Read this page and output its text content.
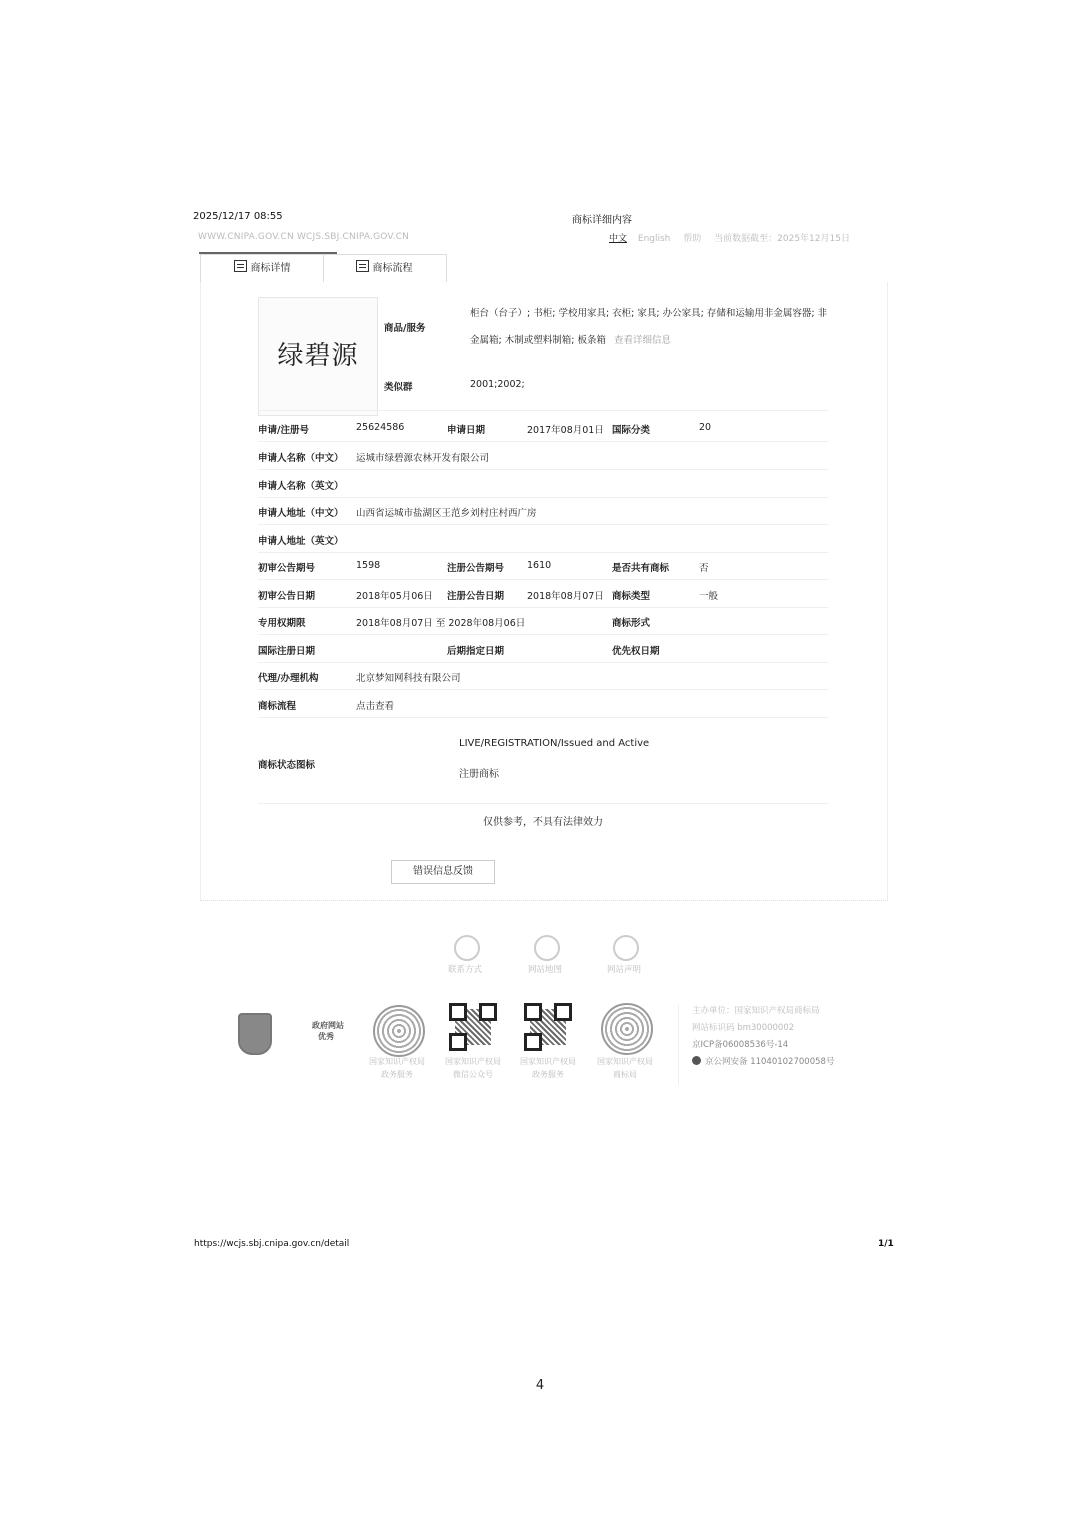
2025/12/17 08:55	商标详细内容
WWW.CNIPA.GOV.CN WCJS.SBJ.CNIPA.GOV.CN	中文 English 帮助 当前数据截至：2025年12月15日
商标详情	商标流程
绿碧源
商品/服务
柜台（台子）; 书柜; 学校用家具; 衣柜; 家具; 办公家具; 存储和运输用非金属容器; 非
金属箱; 木制或塑料制箱; 板条箱 查看详细信息
类似群	2001;2002;
申请/注册号	25624586	申请日期	2017年08月01日 国际分类	20
申请人名称（中文） 运城市绿碧源农林开发有限公司
申请人名称（英文）
申请人地址（中文） 山西省运城市盐湖区王范乡刘村庄村西广房
申请人地址（英文）
初审公告期号	1598	注册公告期号 1610	是否共有商标	否
初审公告日期	2018年05月06日 注册公告日期 2018年08月07日 商标类型	一般
专用权期限	2018年08月07日 至 2028年08月06日	商标形式
国际注册日期	后期指定日期	优先权日期
代理/办理机构	北京梦知网科技有限公司
商标流程	点击查看
商标状态图标
LIVE/REGISTRATION/Issued and Active
注册商标
仅供参考，不具有法律效力
错误信息反馈
联系方式	网站地图	网站声明
政府网站
优秀
国家知识产权局
政务服务
国家知识产权局
微信公众号
国家知识产权局
政务服务
国家知识产权局
商标局
主办单位：国家知识产权局商标局
网站标识码 bm30000002
京ICP备06008536号-14
京公网安备 11040102700058号
https://wcjs.sbj.cnipa.gov.cn/detail	1/1
4
